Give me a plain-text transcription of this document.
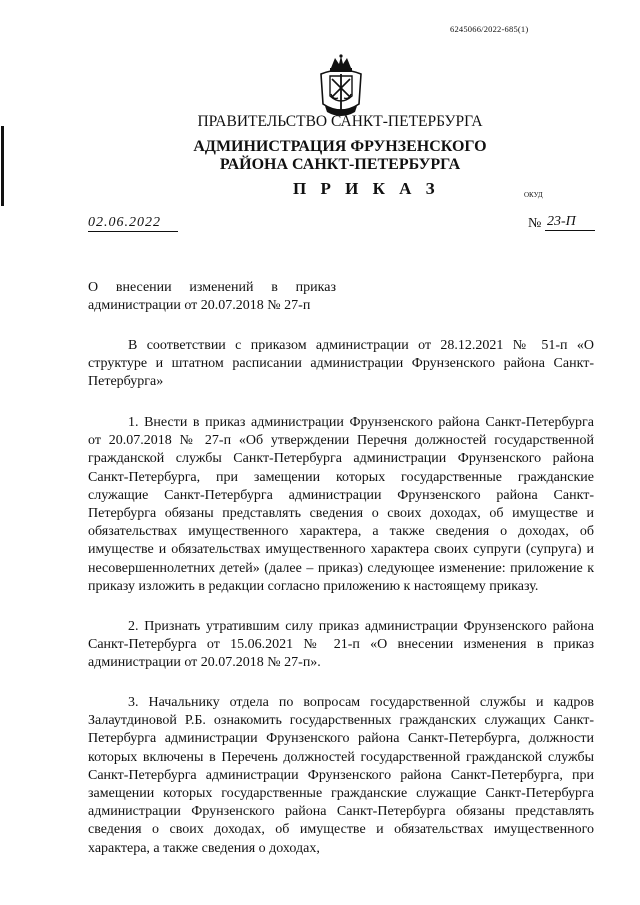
6245066/2022-685(1)
ПРАВИТЕЛЬСТВО САНКТ-ПЕТЕРБУРГА
АДМИНИСТРАЦИЯ ФРУНЗЕНСКОГО
РАЙОНА САНКТ-ПЕТЕРБУРГА
П Р И К А З	ОКУД
02.06.2022	№ 23-П
О внесении изменений в приказ
администрации от 20.07.2018 № 27-п
В соответствии с приказом администрации от 28.12.2021 № 51-п «О структуре и штатном расписании администрации Фрунзенского района Санкт-Петербурга»
1. Внести в приказ администрации Фрунзенского района Санкт-Петербурга от 20.07.2018 № 27-п «Об утверждении Перечня должностей государственной гражданской службы Санкт-Петербурга администрации Фрунзенского района Санкт-Петербурга, при замещении которых государственные гражданские служащие Санкт-Петербурга администрации Фрунзенского района Санкт-Петербурга обязаны представлять сведения о своих доходах, об имуществе и обязательствах имущественного характера, а также сведения о доходах, об имуществе и обязательствах имущественного характера своих супруги (супруга) и несовершеннолетних детей» (далее – приказ) следующее изменение: приложение к приказу изложить в редакции согласно приложению к настоящему приказу.
2. Признать утратившим силу приказ администрации Фрунзенского района Санкт-Петербурга от 15.06.2021 № 21-п «О внесении изменения в приказ администрации от 20.07.2018 № 27-п».
3. Начальнику отдела по вопросам государственной службы и кадров Залаутдиновой Р.Б. ознакомить государственных гражданских служащих Санкт-Петербурга администрации Фрунзенского района Санкт-Петербурга, должности которых включены в Перечень должностей государственной гражданской службы Санкт-Петербурга администрации Фрунзенского района Санкт-Петербурга, при замещении которых государственные гражданские служащие Санкт-Петербурга администрации Фрунзенского района Санкт-Петербурга обязаны представлять сведения о своих доходах, об имуществе и обязательствах имущественного характера, а также сведения о доходах,
